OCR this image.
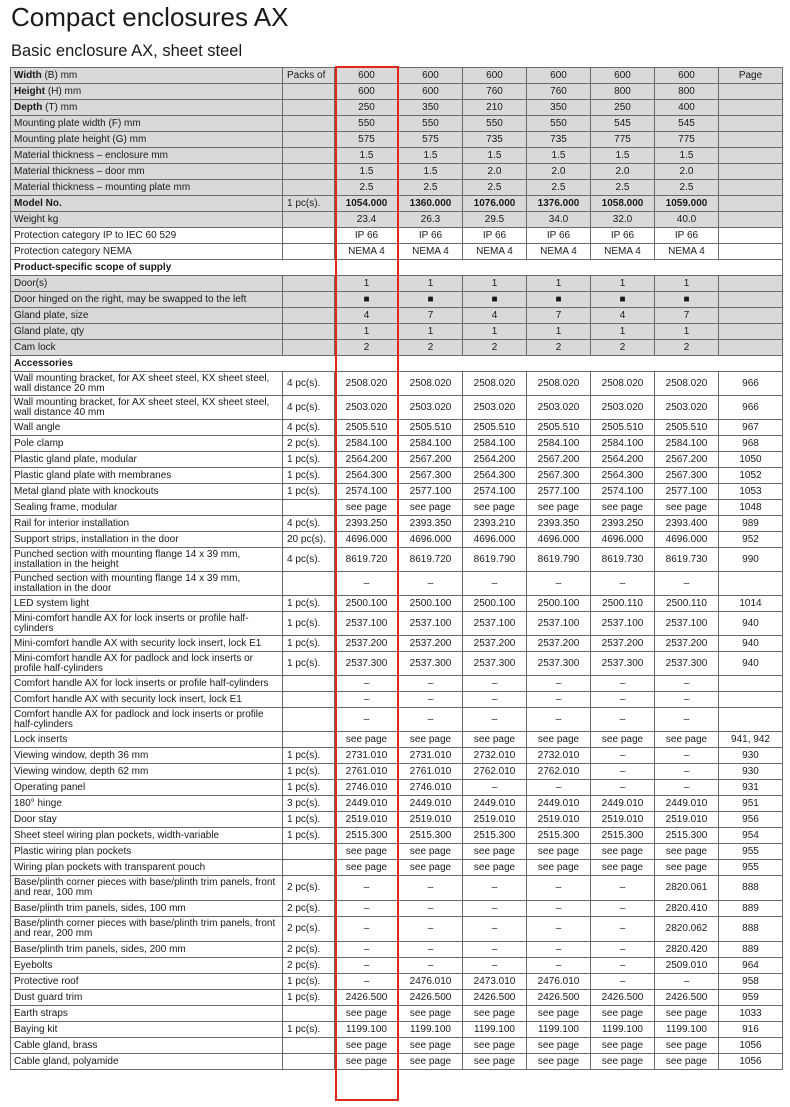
Compact enclosures AX
Basic enclosure AX, sheet steel
Width (B) mm	Packs of	600	600	600	600	600	600	Page
Height (H) mm		600	600	760	760	800	800	
Depth (T) mm		250	350	210	350	250	400	
Mounting plate width (F) mm		550	550	550	550	545	545	
Mounting plate height (G) mm		575	575	735	735	775	775	
Material thickness – enclosure mm		1.5	1.5	1.5	1.5	1.5	1.5	
Material thickness – door mm		1.5	1.5	2.0	2.0	2.0	2.0	
Material thickness – mounting plate mm		2.5	2.5	2.5	2.5	2.5	2.5	
Model No.	1 pc(s).	1054.000	1360.000	1076.000	1376.000	1058.000	1059.000	
Weight kg		23.4	26.3	29.5	34.0	32.0	40.0	
Protection category IP to IEC 60 529		IP 66	IP 66	IP 66	IP 66	IP 66	IP 66	
Protection category NEMA		NEMA 4	NEMA 4	NEMA 4	NEMA 4	NEMA 4	NEMA 4	
Product-specific scope of supply								
Door(s)		1	1	1	1	1	1	
Door hinged on the right, may be swapped to the left		■	■	■	■	■	■	
Gland plate, size		4	7	4	7	4	7	
Gland plate, qty		1	1	1	1	1	1	
Cam lock		2	2	2	2	2	2	
Accessories								
Wall mounting bracket, for AX sheet steel, KX sheet steel, wall distance 20 mm	4 pc(s).	2508.020	2508.020	2508.020	2508.020	2508.020	2508.020	966
Wall mounting bracket, for AX sheet steel, KX sheet steel, wall distance 40 mm	4 pc(s).	2503.020	2503.020	2503.020	2503.020	2503.020	2503.020	966
Wall angle	4 pc(s).	2505.510	2505.510	2505.510	2505.510	2505.510	2505.510	967
Pole clamp	2 pc(s).	2584.100	2584.100	2584.100	2584.100	2584.100	2584.100	968
Plastic gland plate, modular	1 pc(s).	2564.200	2567.200	2564.200	2567.200	2564.200	2567.200	1050
Plastic gland plate with membranes	1 pc(s).	2564.300	2567.300	2564.300	2567.300	2564.300	2567.300	1052
Metal gland plate with knockouts	1 pc(s).	2574.100	2577.100	2574.100	2577.100	2574.100	2577.100	1053
Sealing frame, modular		see page	see page	see page	see page	see page	see page	1048
Rail for interior installation	4 pc(s).	2393.250	2393.350	2393.210	2393.350	2393.250	2393.400	989
Support strips, installation in the door	20 pc(s).	4696.000	4696.000	4696.000	4696.000	4696.000	4696.000	952
Punched section with mounting flange 14 x 39 mm, installation in the height	4 pc(s).	8619.720	8619.720	8619.790	8619.790	8619.730	8619.730	990
Punched section with mounting flange 14 x 39 mm, installation in the door		–	–	–	–	–	–	
LED system light	1 pc(s).	2500.100	2500.100	2500.100	2500.100	2500.110	2500.110	1014
Mini-comfort handle AX for lock inserts or profile half-cylinders	1 pc(s).	2537.100	2537.100	2537.100	2537.100	2537.100	2537.100	940
Mini-comfort handle AX with security lock insert, lock E1	1 pc(s).	2537.200	2537.200	2537.200	2537.200	2537.200	2537.200	940
Mini-comfort handle AX for padlock and lock inserts or profile half-cylinders	1 pc(s).	2537.300	2537.300	2537.300	2537.300	2537.300	2537.300	940
Comfort handle AX for lock inserts or profile half-cylinders		–	–	–	–	–	–	
Comfort handle AX with security lock insert, lock E1		–	–	–	–	–	–	
Comfort handle AX for padlock and lock inserts or profile half-cylinders		–	–	–	–	–	–	
Lock inserts		see page	see page	see page	see page	see page	see page	941, 942
Viewing window, depth 36 mm	1 pc(s).	2731.010	2731.010	2732.010	2732.010	–	–	930
Viewing window, depth 62 mm	1 pc(s).	2761.010	2761.010	2762.010	2762.010	–	–	930
Operating panel	1 pc(s).	2746.010	2746.010	–	–	–	–	931
180° hinge	3 pc(s).	2449.010	2449.010	2449.010	2449.010	2449.010	2449.010	951
Door stay	1 pc(s).	2519.010	2519.010	2519.010	2519.010	2519.010	2519.010	956
Sheet steel wiring plan pockets, width-variable	1 pc(s).	2515.300	2515.300	2515.300	2515.300	2515.300	2515.300	954
Plastic wiring plan pockets		see page	see page	see page	see page	see page	see page	955
Wiring plan pockets with transparent pouch		see page	see page	see page	see page	see page	see page	955
Base/plinth corner pieces with base/plinth trim panels, front and rear, 100 mm	2 pc(s).	–	–	–	–	–	2820.061	888
Base/plinth trim panels, sides, 100 mm	2 pc(s).	–	–	–	–	–	2820.410	889
Base/plinth corner pieces with base/plinth trim panels, front and rear, 200 mm	2 pc(s).	–	–	–	–	–	2820.062	888
Base/plinth trim panels, sides, 200 mm	2 pc(s).	–	–	–	–	–	2820.420	889
Eyebolts	2 pc(s).	–	–	–	–	–	2509.010	964
Protective roof	1 pc(s).	–	2476.010	2473.010	2476.010	–	–	958
Dust guard trim	1 pc(s).	2426.500	2426.500	2426.500	2426.500	2426.500	2426.500	959
Earth straps		see page	see page	see page	see page	see page	see page	1033
Baying kit	1 pc(s).	1199.100	1199.100	1199.100	1199.100	1199.100	1199.100	916
Cable gland, brass		see page	see page	see page	see page	see page	see page	1056
Cable gland, polyamide		see page	see page	see page	see page	see page	see page	1056
